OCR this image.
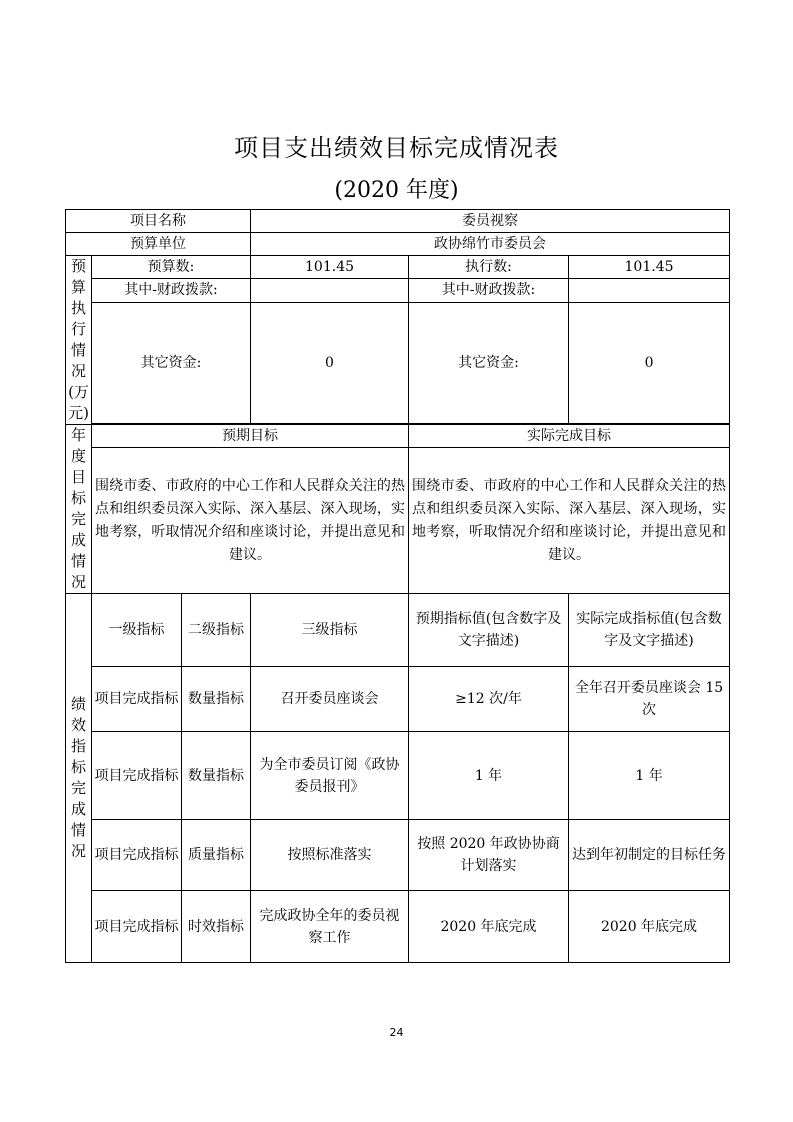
项目支出绩效目标完成情况表
(2020 年度)
项目名称			委员视察		
预算单位			政协绵竹市委员会		
预算执行情况(万元)	预算数:		101.45	执行数:	101.45
	其中-财政拨款:			其中-财政拨款:	
	其它资金:		0	其它资金:	0

年度目标完成情况	预期目标			实际完成目标	
	围绕市委、市政府的中心工作和人民群众关注的热点和组织委员深入实际、深入基层、深入现场，实地考察，听取情况介绍和座谈讨论，并提出意见和建议。			围绕市委、市政府的中心工作和人民群众关注的热点和组织委员深入实际、深入基层、深入现场，实地考察，听取情况介绍和座谈讨论，并提出意见和建议。	
绩效指标完成情况	一级指标	二级指标	三级指标	预期指标值(包含数字及文字描述)	实际完成指标值(包含数字及文字描述)
	项目完成指标	数量指标	召开委员座谈会	≥12 次/年	全年召开委员座谈会 15 次
	项目完成指标	数量指标	为全市委员订阅《政协委员报刊》	1 年	1 年
	项目完成指标	质量指标	按照标准落实	按照 2020 年政协协商计划落实	达到年初制定的目标任务
	项目完成指标	时效指标	完成政协全年的委员视察工作	2020 年底完成	2020 年底完成
24
